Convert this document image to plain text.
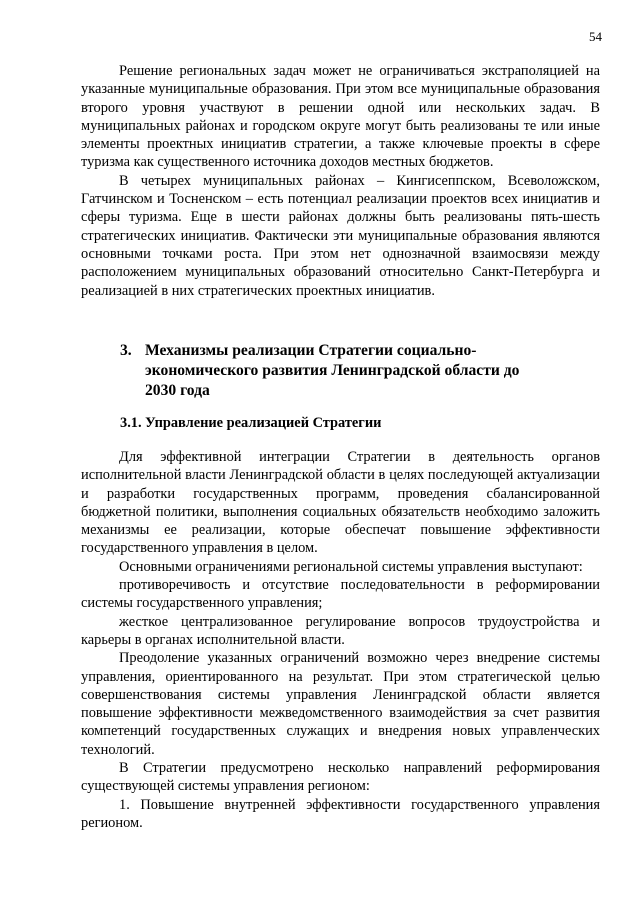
54

Решение региональных задач может не ограничиваться экстраполяцией на указанные муниципальные образования. При этом все муниципальные образования второго уровня участвуют в решении одной или нескольких задач. В муниципальных районах и городском округе могут быть реализованы те или иные элементы проектных инициатив стратегии, а также ключевые проекты в сфере туризма как существенного источника доходов местных бюджетов.

В четырех муниципальных районах – Кингисеппском, Всеволожском, Гатчинском и Тосненском – есть потенциал реализации проектов всех инициатив и сферы туризма. Еще в шести районах должны быть реализованы пять-шесть стратегических инициатив. Фактически эти муниципальные образования являются основными точками роста. При этом нет однозначной взаимосвязи между расположением муниципальных образований относительно Санкт-Петербурга и реализацией в них стратегических проектных инициатив.

3. Механизмы реализации Стратегии социально-экономического развития Ленинградской области до 2030 года
3.1. Управление реализацией Стратегии

Для эффективной интеграции Стратегии в деятельность органов исполнительной власти Ленинградской области в целях последующей актуализации и разработки государственных программ, проведения сбалансированной бюджетной политики, выполнения социальных обязательств необходимо заложить механизмы ее реализации, которые обеспечат повышение эффективности государственного управления в целом.

Основными ограничениями региональной системы управления выступают:

противоречивость и отсутствие последовательности в реформировании системы государственного управления;

жесткое централизованное регулирование вопросов трудоустройства и карьеры в органах исполнительной власти.

Преодоление указанных ограничений возможно через внедрение системы управления, ориентированного на результат. При этом стратегической целью совершенствования системы управления Ленинградской области является повышение эффективности межведомственного взаимодействия за счет развития компетенций государственных служащих и внедрения новых управленческих технологий.

В Стратегии предусмотрено несколько направлений реформирования существующей системы управления регионом:

1. Повышение внутренней эффективности государственного управления регионом.
